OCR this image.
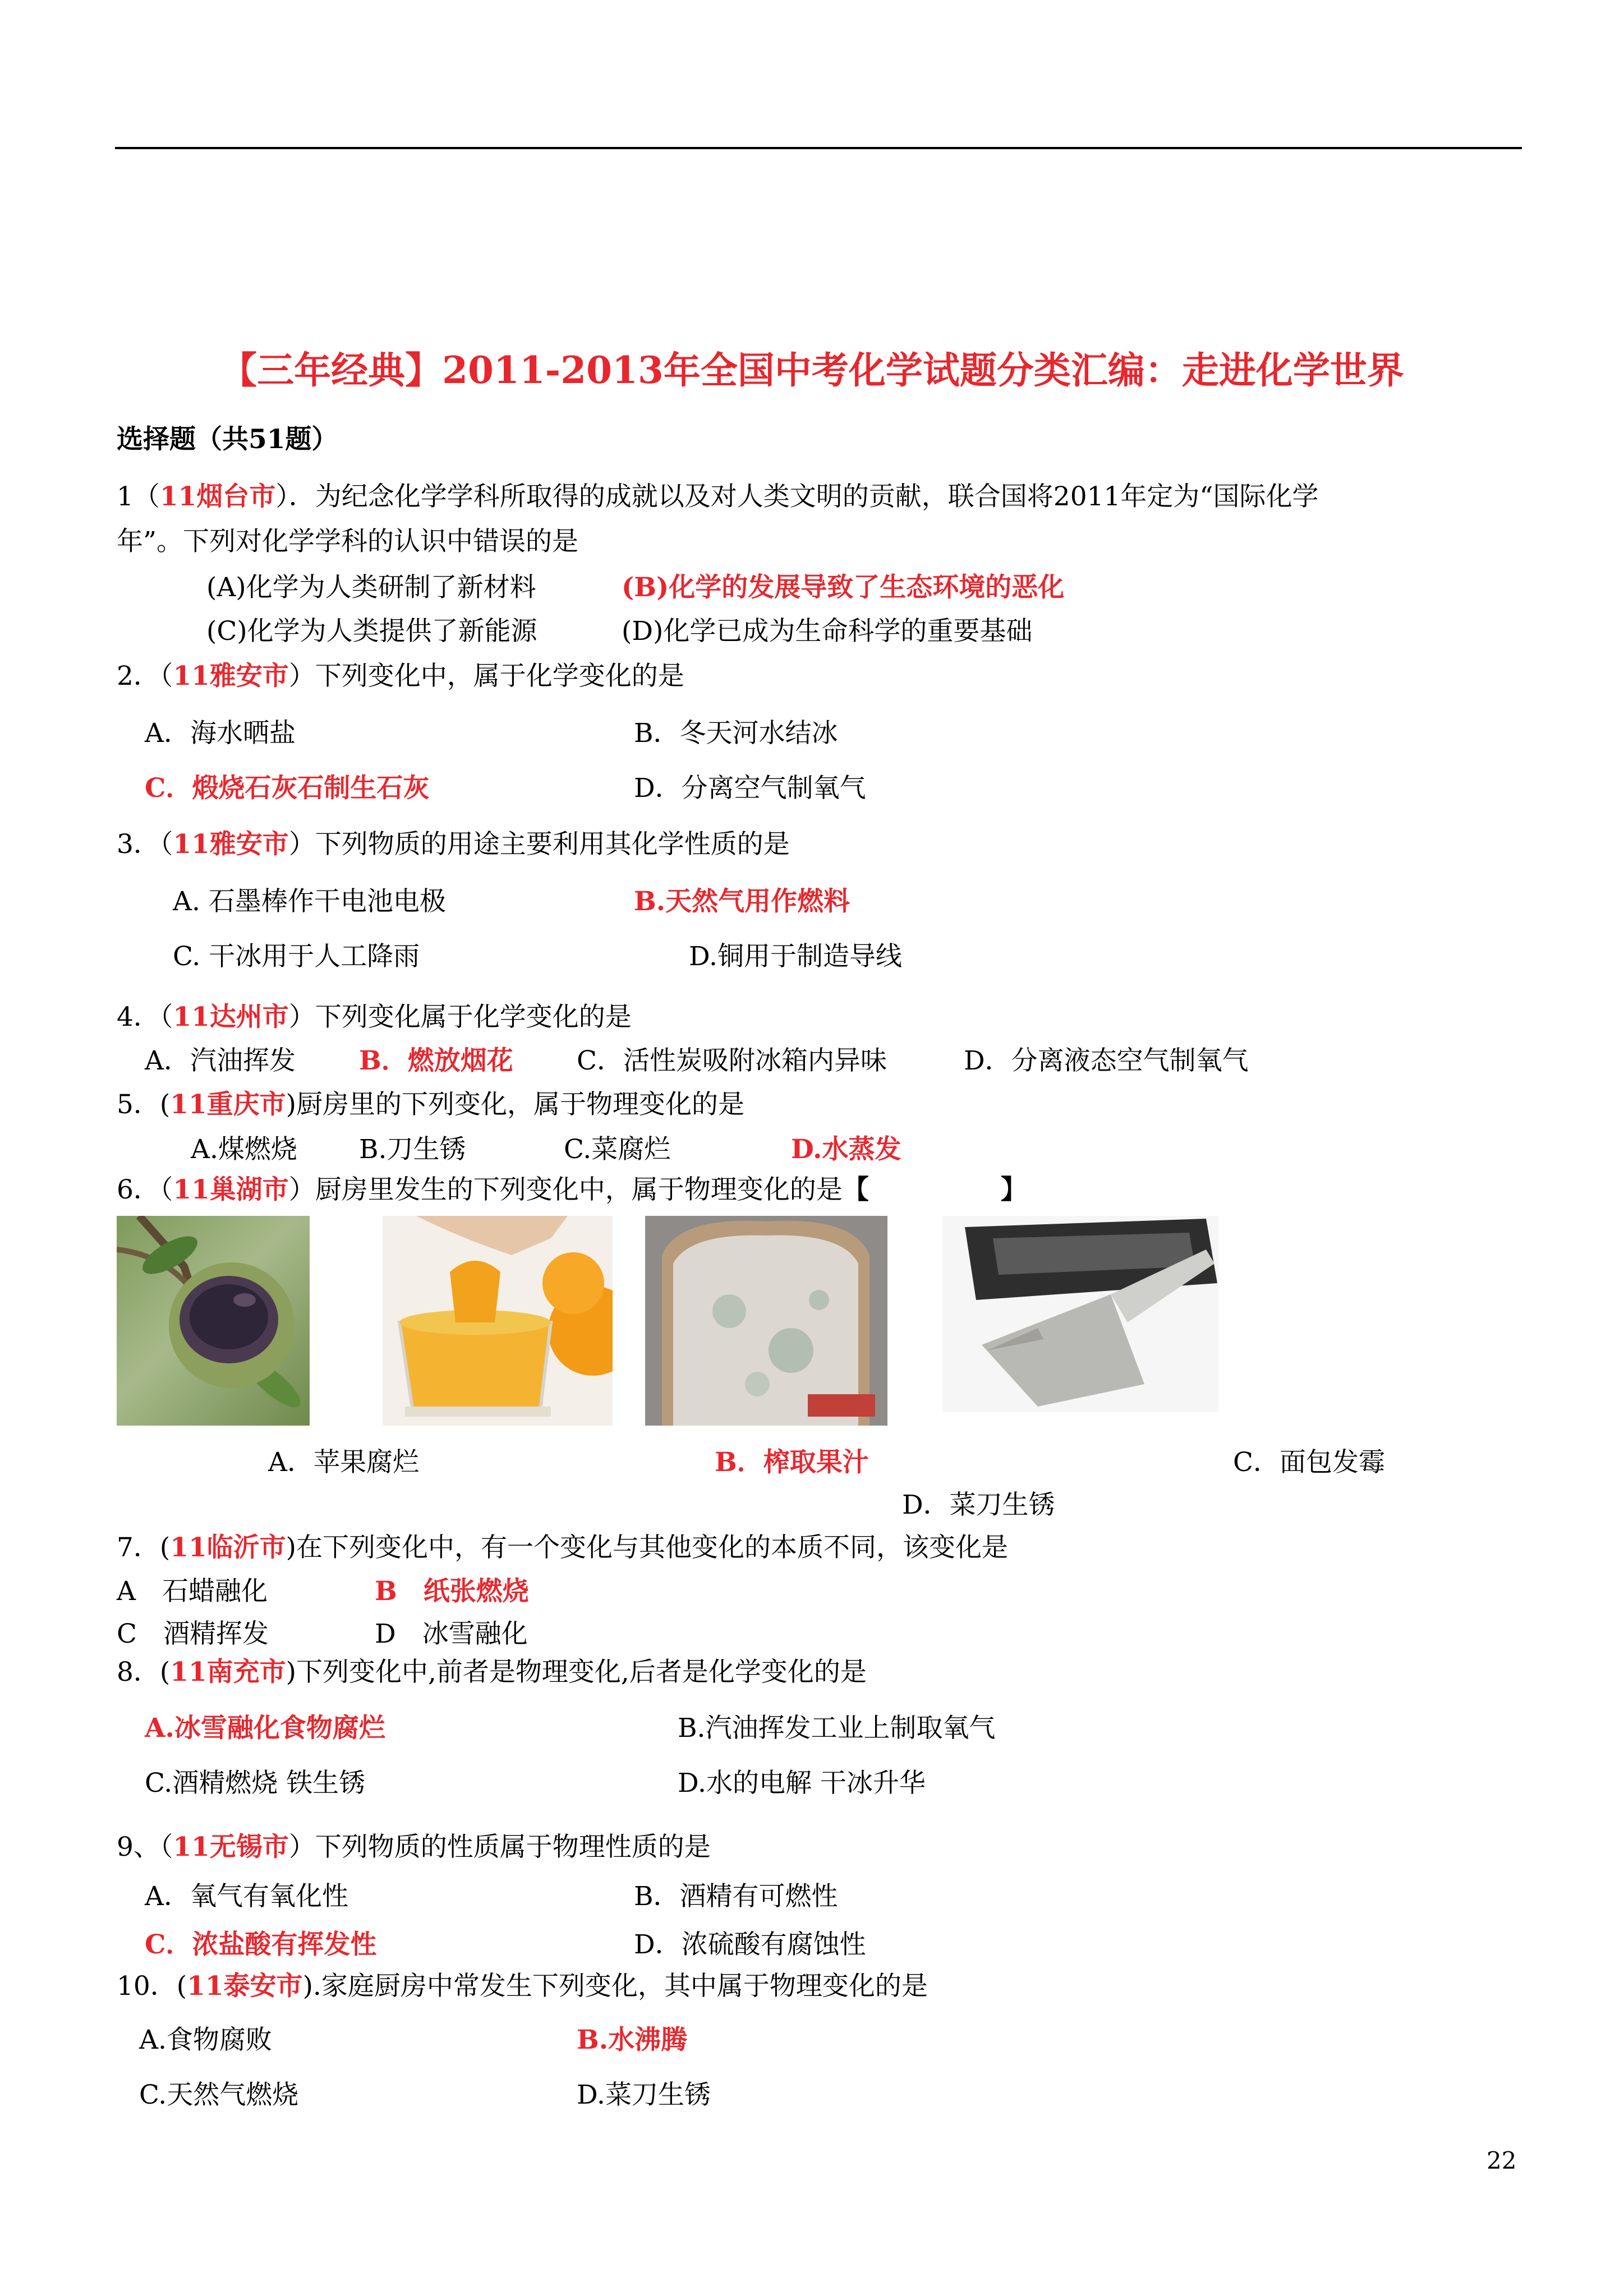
【三年经典】2011-2013年全国中考化学试题分类汇编：走进化学世界
选择题（共51题）
1（11烟台市）．为纪念化学学科所取得的成就以及对人类文明的贡献，联合国将2011年定为“国际化学
年”。下列对化学学科的认识中错误的是
(A)化学为人类研制了新材料	(B)化学的发展导致了生态环境的恶化
(C)化学为人类提供了新能源	(D)化学已成为生命科学的重要基础
2．（11雅安市）下列变化中，属于化学变化的是
A．海水晒盐	B．冬天河水结冰
C．煅烧石灰石制生石灰	D．分离空气制氧气
3．（11雅安市）下列物质的用途主要利用其化学性质的是
A. 石墨棒作干电池电极	B.天然气用作燃料
C. 干冰用于人工降雨	D.铜用于制造导线
4．（11达州市）下列变化属于化学变化的是
A．汽油挥发 B．燃放烟花 C．活性炭吸附冰箱内异味	D．分离液态空气制氧气
5．(11重庆市)厨房里的下列变化，属于物理变化的是
A.煤燃烧 B.刀生锈	C.菜腐烂	D.水蒸发
6．（11巢湖市）厨房里发生的下列变化中，属于物理变化的是【　　　　　】
A．苹果腐烂	B．榨取果汁	C．面包发霉
D．菜刀生锈
7．(11临沂市)在下列变化中，有一个变化与其他变化的本质不同，该变化是
A　石蜡融化	B　纸张燃烧
C　酒精挥发	D　冰雪融化
8．(11南充市)下列变化中,前者是物理变化,后者是化学变化的是
A.冰雪融化食物腐烂	B.汽油挥发工业上制取氧气
C.酒精燃烧 铁生锈	D.水的电解 干冰升华
9、（11无锡市）下列物质的性质属于物理性质的是
A．氧气有氧化性	B．酒精有可燃性
C．浓盐酸有挥发性	D．浓硫酸有腐蚀性
10．(11泰安市).家庭厨房中常发生下列变化，其中属于物理变化的是
A.食物腐败	B.水沸腾
C.天然气燃烧	D.菜刀生锈
22
